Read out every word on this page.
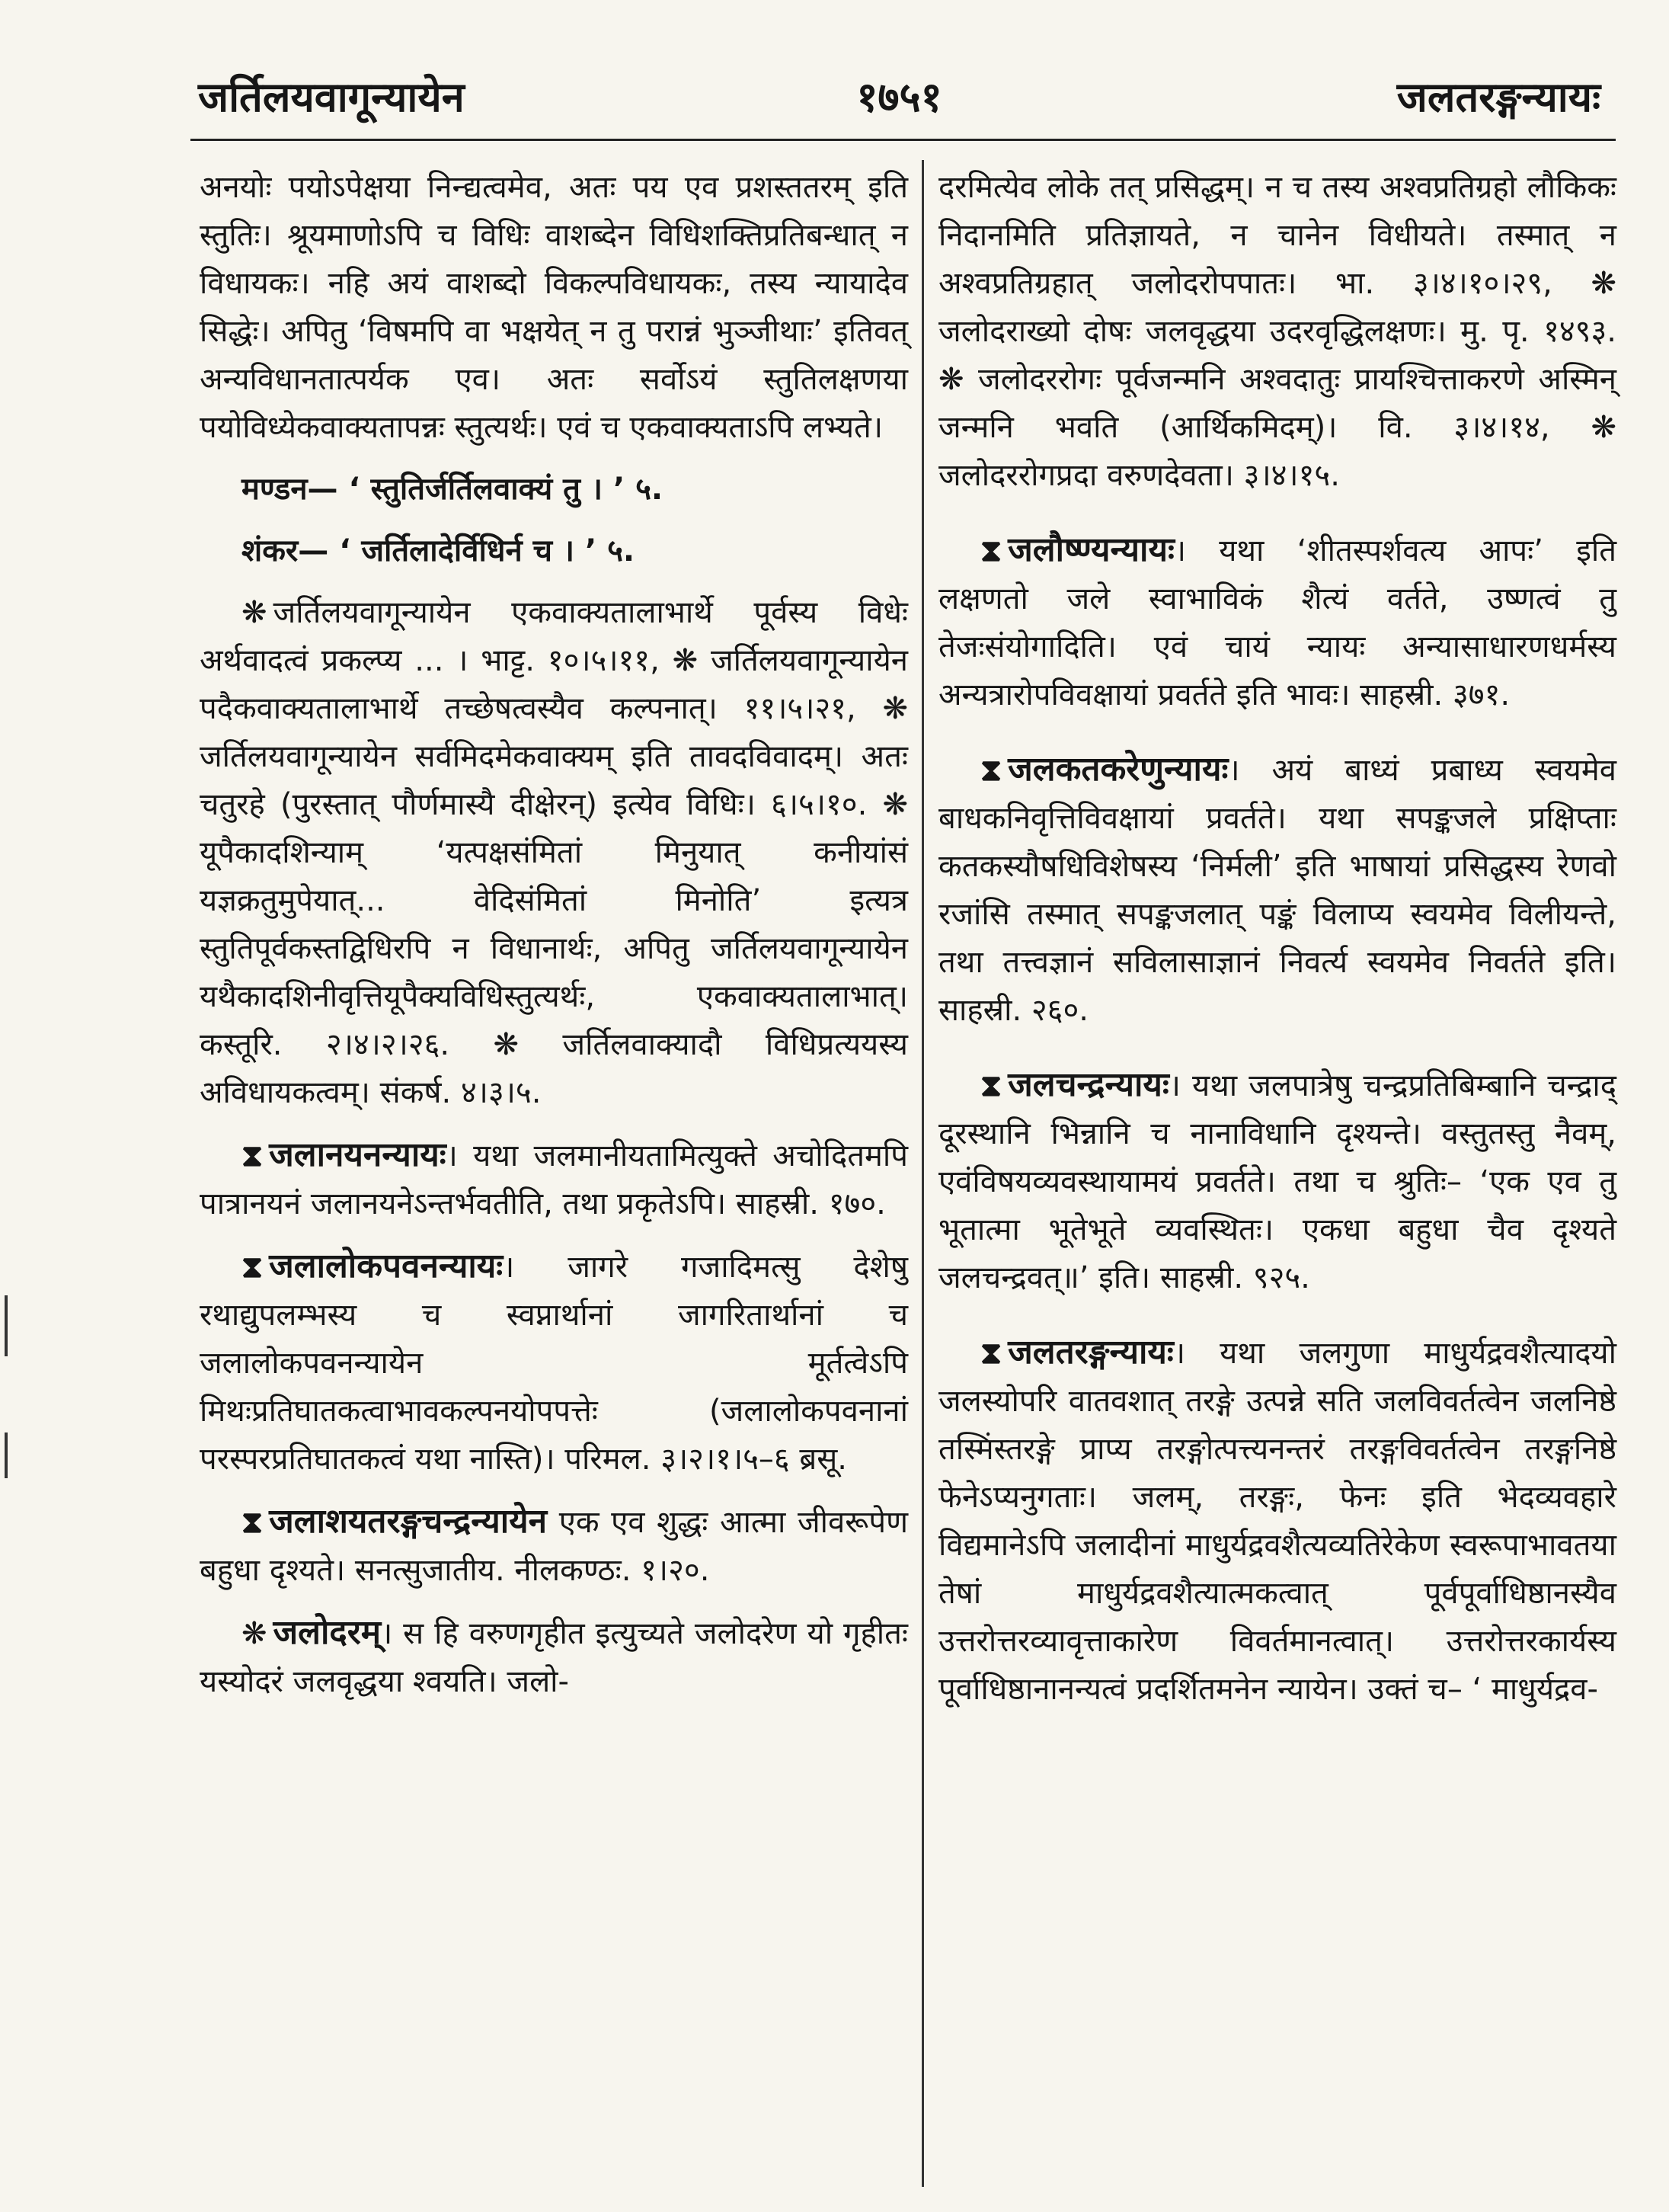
१७५१
जर्तिलयवागून्यायेन	जलतरङ्गन्यायः

अनयोः पयोऽपेक्षया निन्द्यत्वमेव, अतः पय एव प्रशस्ततरम् इति स्तुतिः। श्रूयमाणोऽपि च विधिः वाशब्देन विधिशक्तिप्रतिबन्धात् न विधायकः। नहि अयं वाशब्दो विकल्पविधायकः, तस्य न्यायादेव सिद्धेः। अपितु ‘विषमपि वा भक्षयेत् न तु परान्नं भुञ्जीथाः’ इतिवत् अन्यविधानतात्पर्यक एव। अतः सर्वोऽयं स्तुतिलक्षणया पयोविध्येकवाक्यतापन्नः स्तुत्यर्थः। एवं च एकवाक्यताऽपि लभ्यते।

मण्डन— ‘ स्तुतिर्जर्तिलवाक्यं तु । ’ ५.

शंकर— ‘ जर्तिलादेर्विधिर्न च । ’ ५.

❋ जर्तिलयवागून्यायेन एकवाक्यतालाभार्थे पूर्वस्य विधेः अर्थवादत्वं प्रकल्प्य ... । भाट्ट. १०।५।११, ❋ जर्तिलयवागून्यायेन पदैकवाक्यतालाभार्थे तच्छेषत्वस्यैव कल्पनात्। ११।५।२१, ❋ जर्तिलयवागून्यायेन सर्वमिदमेकवाक्यम् इति तावदविवादम्। अतः चतुरहे (पुरस्तात् पौर्णमास्यै दीक्षेरन्) इत्येव विधिः। ६।५।१०. ❋ यूपैकादशिन्याम् ‘यत्पक्षसंमितां मिनुयात् कनीयांसं यज्ञक्रतुमुपेयात्... वेदिसंमितां मिनोति’ इत्यत्र स्तुतिपूर्वकस्तद्विधिरपि न विधानार्थः, अपितु जर्तिलयवागून्यायेन यथैकादशिनीवृत्तियूपैक्यविधिस्तुत्यर्थः, एकवाक्यतालाभात्। कस्तूरि. २।४।२।२६. ❋ जर्तिलवाक्यादौ विधिप्रत्ययस्य अविधायकत्वम्। संकर्ष. ४।३।५.

⧗ जलानयनन्यायः। यथा जलमानीयतामित्युक्ते अचोदितमपि पात्रानयनं जलानयनेऽन्तर्भवतीति, तथा प्रकृतेऽपि। साहस्री. १७०.

⧗ जलालोकपवनन्यायः। जागरे गजादिमत्सु देशेषु रथाद्युपलम्भस्य च स्वप्नार्थानां जागरितार्थानां च जलालोकपवनन्यायेन मूर्तत्वेऽपि मिथःप्रतिघातकत्वाभावकल्पनयोपपत्तेः (जलालोकपवनानां परस्परप्रतिघातकत्वं यथा नास्ति)। परिमल. ३।२।१।५–६ ब्रसू.

⧗ जलाशयतरङ्गचन्द्रन्यायेन एक एव शुद्धः आत्मा जीवरूपेण बहुधा दृश्यते। सनत्सुजातीय. नीलकण्ठः. १।२०.

❋ जलोदरम्। स हि वरुणगृहीत इत्युच्यते जलोदरेण यो गृहीतः यस्योदरं जलवृद्धया श्वयति। जलो-

दरमित्येव लोके तत् प्रसिद्धम्। न च तस्य अश्वप्रतिग्रहो लौकिकः निदानमिति प्रतिज्ञायते, न चानेन विधीयते। तस्मात् न अश्वप्रतिग्रहात् जलोदरोपपातः। भा. ३।४।१०।२९, ❋ जलोदराख्यो दोषः जलवृद्धया उदरवृद्धिलक्षणः। मु. पृ. १४९३. ❋ जलोदररोगः पूर्वजन्मनि अश्वदातुः प्रायश्चित्ताकरणे अस्मिन् जन्मनि भवति (आर्थिकमिदम्)। वि. ३।४।१४, ❋ जलोदररोगप्रदा वरुणदेवता। ३।४।१५.

⧗ जलौष्ण्यन्यायः। यथा ‘शीतस्पर्शवत्य आपः’ इति लक्षणतो जले स्वाभाविकं शैत्यं वर्तते, उष्णत्वं तु तेजःसंयोगादिति। एवं चायं न्यायः अन्यासाधारणधर्मस्य अन्यत्रारोपविवक्षायां प्रवर्तते इति भावः। साहस्री. ३७१.

⧗ जलकतकरेणुन्यायः। अयं बाध्यं प्रबाध्य स्वयमेव बाधकनिवृत्तिविवक्षायां प्रवर्तते। यथा सपङ्कजले प्रक्षिप्ताः कतकस्यौषधिविशेषस्य ‘निर्मली’ इति भाषायां प्रसिद्धस्य रेणवो रजांसि तस्मात् सपङ्कजलात् पङ्कं विलाप्य स्वयमेव विलीयन्ते, तथा तत्त्वज्ञानं सविलासाज्ञानं निवर्त्य स्वयमेव निवर्तते इति। साहस्री. २६०.

⧗ जलचन्द्रन्यायः। यथा जलपात्रेषु चन्द्रप्रतिबिम्बानि चन्द्राद् दूरस्थानि भिन्नानि च नानाविधानि दृश्यन्ते। वस्तुतस्तु नैवम्, एवंविषयव्यवस्थायामयं प्रवर्तते। तथा च श्रुतिः– ‘एक एव तु भूतात्मा भूतेभूते व्यवस्थितः। एकधा बहुधा चैव दृश्यते जलचन्द्रवत्॥’ इति। साहस्री. ९२५.

⧗ जलतरङ्गन्यायः। यथा जलगुणा माधुर्यद्रवशैत्यादयो जलस्योपरि वातवशात् तरङ्गे उत्पन्ने सति जलविवर्तत्वेन जलनिष्ठे तस्मिंस्तरङ्गे प्राप्य तरङ्गोत्पत्त्यनन्तरं तरङ्गविवर्तत्वेन तरङ्गनिष्ठे फेनेऽप्यनुगताः। जलम्, तरङ्गः, फेनः इति भेदव्यवहारे विद्यमानेऽपि जलादीनां माधुर्यद्रवशैत्यव्यतिरेकेण स्वरूपाभावतया तेषां माधुर्यद्रवशैत्यात्मकत्वात् पूर्वपूर्वाधिष्ठानस्यैव उत्तरोत्तरव्यावृत्ताकारेण विवर्तमानत्वात्। उत्तरोत्तरकार्यस्य पूर्वाधिष्ठानानन्यत्वं प्रदर्शितमनेन न्यायेन। उक्तं च– ‘ माधुर्यद्रव-
